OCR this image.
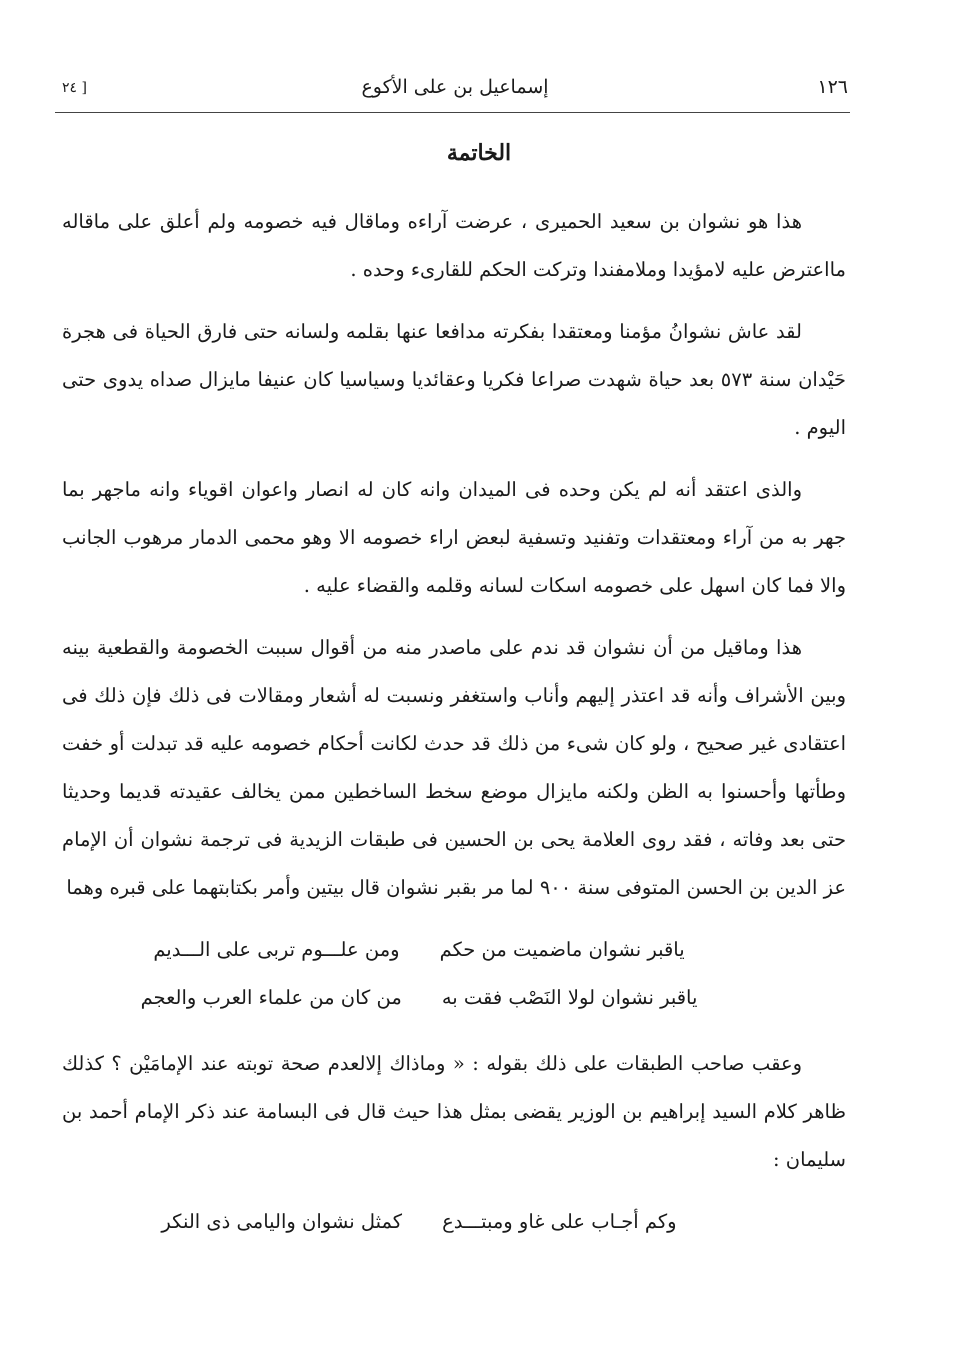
١٢٦
إسماعيل بن على الأكوع
[ ٢٤
الخاتمة

هذا هو نشوان بن سعيد الحميرى ، عرضت آراءه وماقال فيه خصومه ولم أعلق على ماقاله مااعترض عليه لامؤيدا وملامفندا وتركت الحكم للقارىء وحده .

لقد عاش نشوانُ مؤمنا ومعتقدا بفكرته مدافعا عنها بقلمه ولسانه حتى فارق الحياة فى هجرة حَيْدان سنة ٥٧٣ بعد حياة شهدت صراعا فكريا وعقائديا وسياسيا كان عنيفا مايزال صداه يدوى حتى اليوم .

والذى اعتقد أنه لم يكن وحده فى الميدان وانه كان له انصار واعوان اقوياء وانه ماجهر بما جهر به من آراء ومعتقدات وتفنيد وتسفية لبعض اراء خصومه الا وهو محمى الدمار مرهوب الجانب والا فما كان اسهل على خصومه اسكات لسانه وقلمه والقضاء عليه .

هذا وماقيل من أن نشوان قد ندم على ماصدر منه من أقوال سببت الخصومة والقطعية بينه وبين الأشراف وأنه قد اعتذر إليهم وأناب واستغفر ونسبت له أشعار ومقالات فى ذلك فإن ذلك فى اعتقادى غير صحيح ، ولو كان شىء من ذلك قد حدث لكانت أحكام خصومه عليه قد تبدلت أو خفت وطأتها وأحسنوا به الظن ولكنه مايزال موضع سخط الساخطين ممن يخالف عقيدته قديما وحديثا حتى بعد وفاته ، فقد روى العلامة يحى بن الحسين فى طبقات الزيدية فى ترجمة نشوان أن الإمام عز الدين بن الحسن المتوفى سنة ٩٠٠ لما مر بقبر نشوان قال بيتين وأمر بكتابتهما على قبره وهما

ياقبر نشوان ماضميت من حكم
ومن علـــوم تربى على الـــديم
ياقبر نشوان لولا النَصْب فقت به
من كان من علماء العرب والعجم

وعقب صاحب الطبقات على ذلك بقوله : « وماذاك إلالعدم صحة توبته عند الإمامَيْن ؟ كذلك ظاهر كلام السيد إبراهيم بن الوزير يقضى بمثل هذا حيث قال فى البسامة عند ذكر الإمام أحمد بن سليمان :

وكم أجـاب على غاو ومبتـــدع
كمثل نشوان واليامى ذى النكر
